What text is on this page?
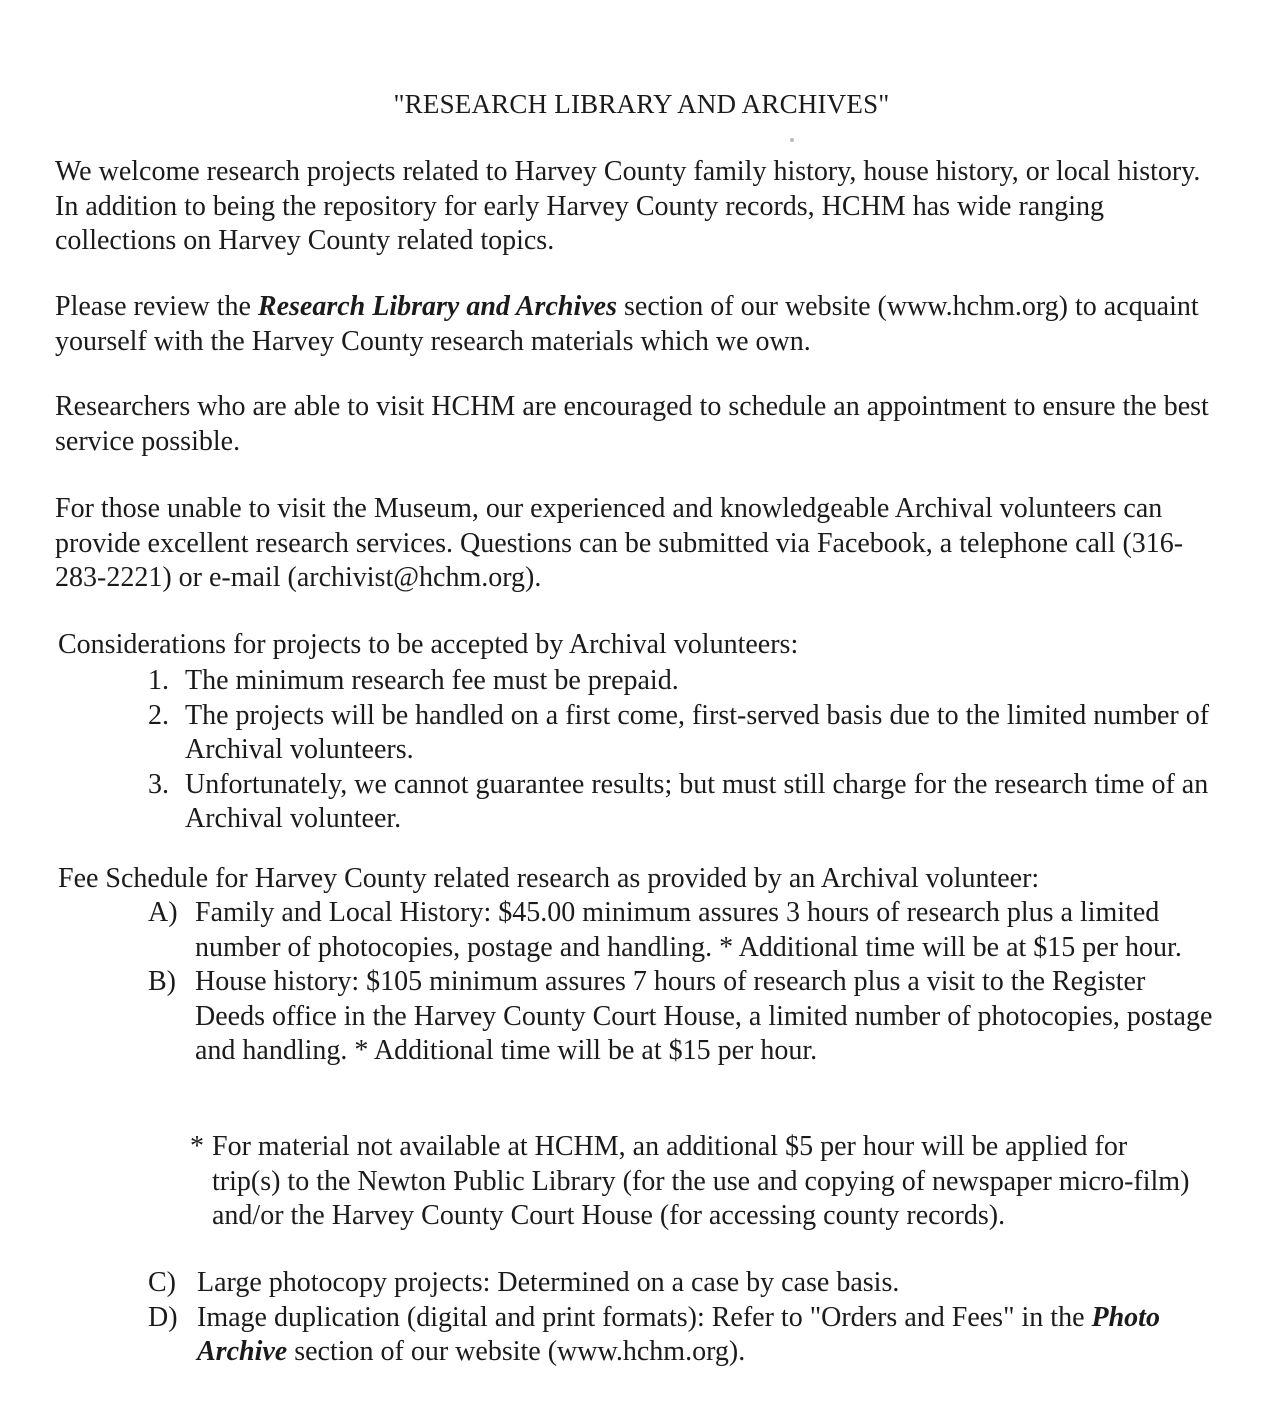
"RESEARCH LIBRARY AND ARCHIVES"

We welcome research projects related to Harvey County family history, house history, or local history. In addition to being the repository for early Harvey County records, HCHM has wide ranging collections on Harvey County related topics.

Please review the Research Library and Archives section of our website (www.hchm.org) to acquaint yourself with the Harvey County research materials which we own.

Researchers who are able to visit HCHM are encouraged to schedule an appointment to ensure the best service possible.

For those unable to visit the Museum, our experienced and knowledgeable Archival volunteers can provide excellent research services. Questions can be submitted via Facebook, a telephone call (316-283-2221) or e-mail (archivist@hchm.org).

Considerations for projects to be accepted by Archival volunteers:

1. The minimum research fee must be prepaid.
2. The projects will be handled on a first come, first-served basis due to the limited number of Archival volunteers.
3. Unfortunately, we cannot guarantee results; but must still charge for the research time of an Archival volunteer.

Fee Schedule for Harvey County related research as provided by an Archival volunteer:

A) Family and Local History: $45.00 minimum assures 3 hours of research plus a limited number of photocopies, postage and handling. * Additional time will be at $15 per hour.
B) House history: $105 minimum assures 7 hours of research plus a visit to the Register Deeds office in the Harvey County Court House, a limited number of photocopies, postage and handling. * Additional time will be at $15 per hour.
* For material not available at HCHM, an additional $5 per hour will be applied for trip(s) to the Newton Public Library (for the use and copying of newspaper micro-film) and/or the Harvey County Court House (for accessing county records).
C) Large photocopy projects: Determined on a case by case basis.
D) Image duplication (digital and print formats): Refer to "Orders and Fees" in the Photo Archive section of our website (www.hchm.org).
